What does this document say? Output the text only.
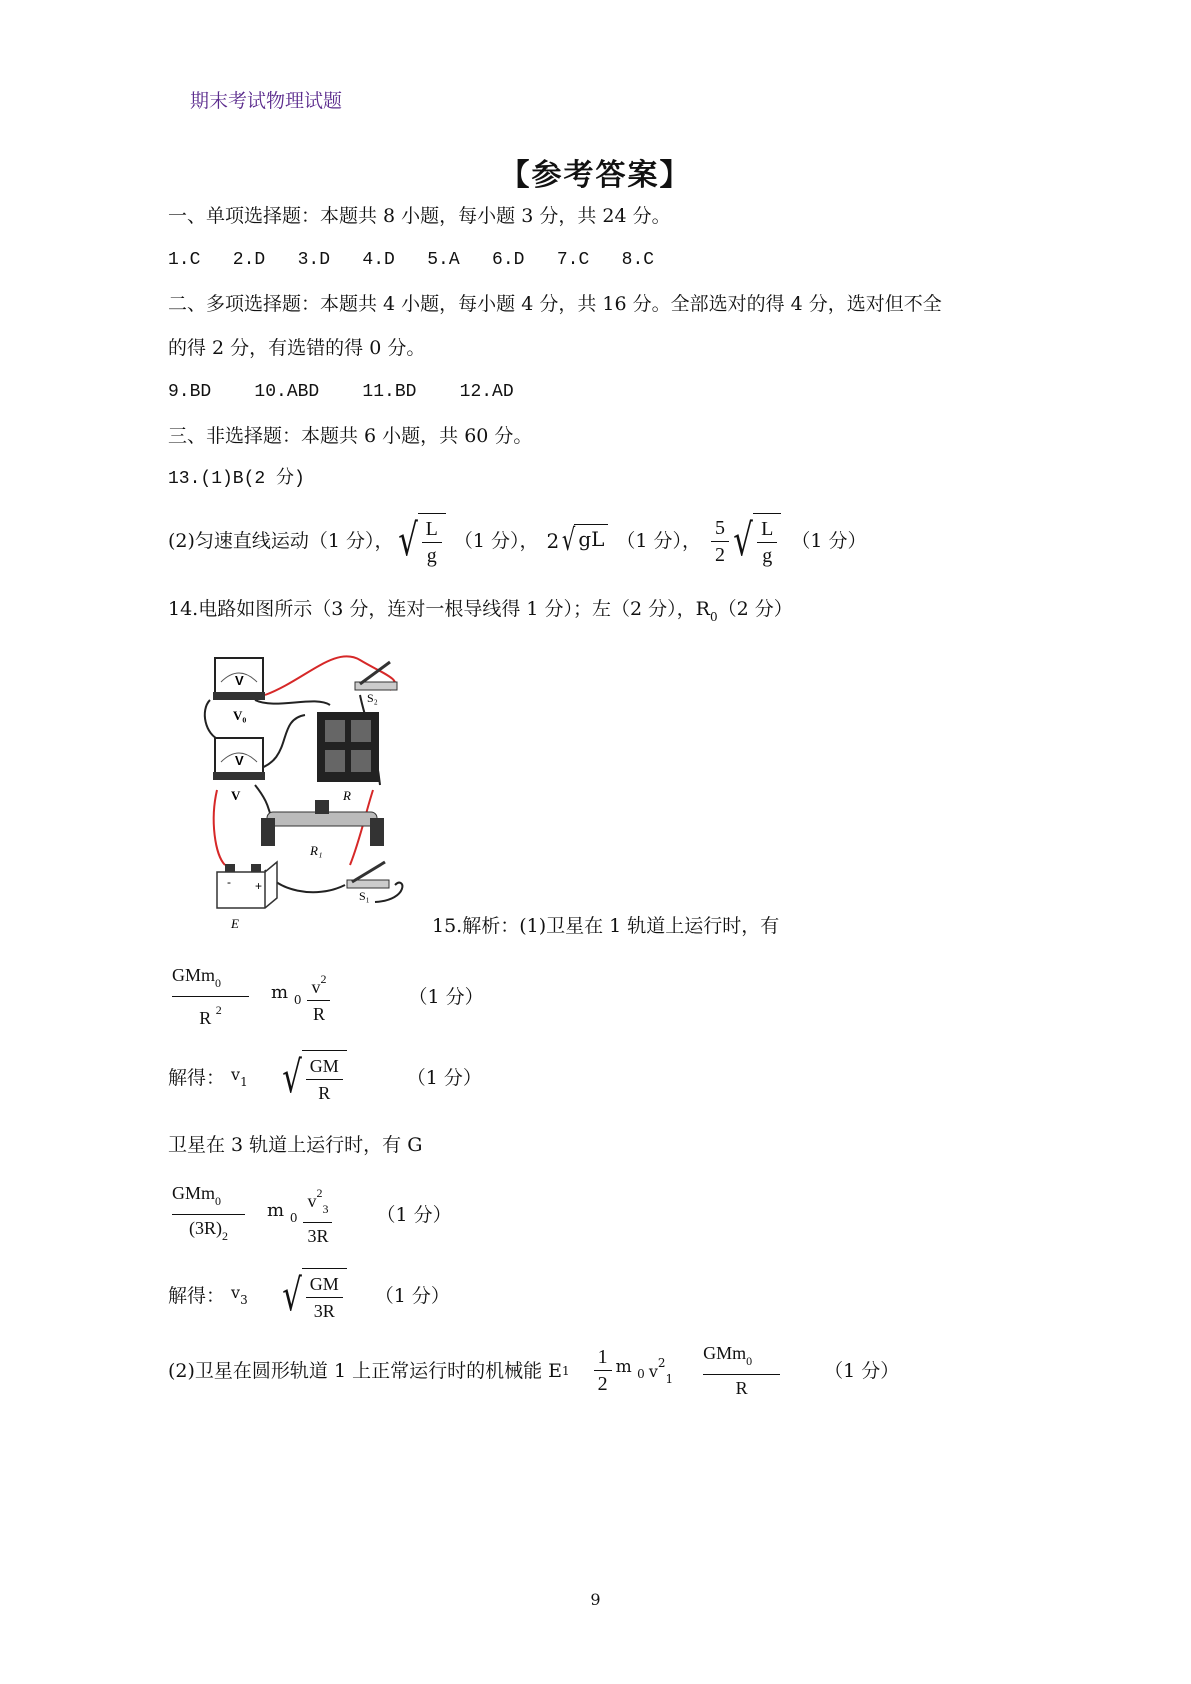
期末考试物理试题
【参考答案】
一、单项选择题：本题共 8 小题，每小题 3 分，共 24 分。
1.C   2.D   3.D   4.D   5.A   6.D   7.C   8.C
二、多项选择题：本题共 4 小题，每小题 4 分，共 16 分。全部选对的得 4 分，选对但不全
的得 2 分，有选错的得 0 分。
9.BD    10.ABD    11.BD    12.AD
三、非选择题：本题共 6 小题，共 60 分。
13.(1)B(2 分)
(2)匀速直线运动（1 分）， √ $\frac{L}{g} (1$ 分）， 2 √ gL （1 分）， $\frac{5}{2}$ √ $\frac{L}{g} (1$ 分）
14.电路如图所示（3 分，连对一根导线得 1 分）；左（2 分），$R_0(2$ 分）
V₀
V
V
V
S₂
R
R₁
S₁
- +
E	15.解析：(1)卫星在 1 轨道上运行时，有
$\frac{GMm_0}{R ^2}$ m $_0 \frac{v^2}{R}$	（1 分）
解得： $v_1$ √ $\frac{GM}{R}$	（1 分）
卫星在 3 轨道上运行时，有 G
$\frac{GMm_0}{(3R)_2}$ m $_0 \frac{v^2_3}{3R} (1$ 分）
解得： $v_3$ √ $\frac{GM}{3R} (1$ 分）
(2)卫星在圆形轨道 1 上正常运行时的机械能 E $1 \frac{1}{2}$ m $_0$ $v^2_1 \frac{GMm_0}{R} (1$ 分）
9
